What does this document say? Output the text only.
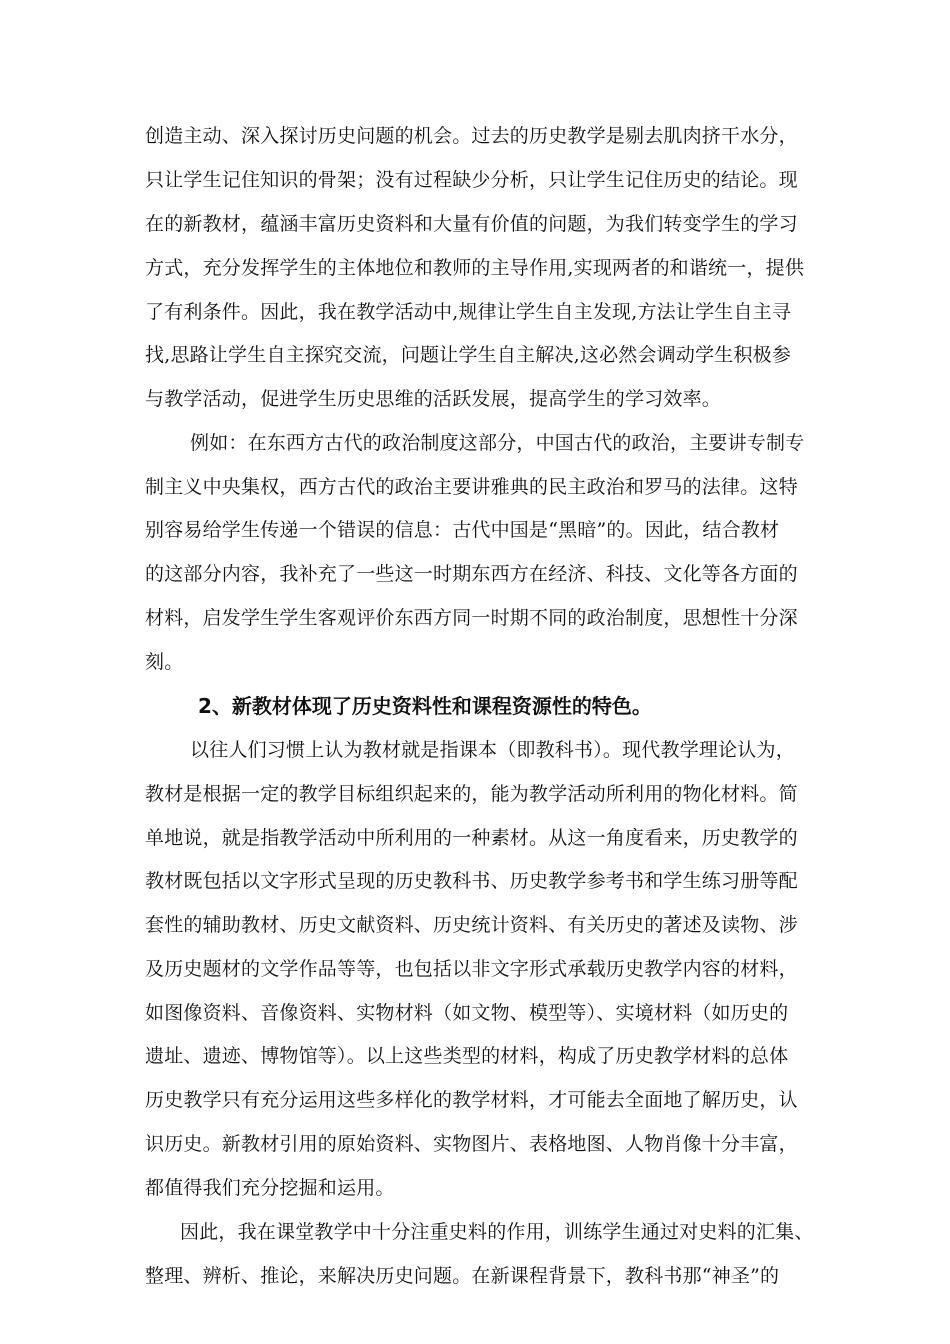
创造主动、深入探讨历史问题的机会。过去的历史教学是剔去肌肉挤干水分，
只让学生记住知识的骨架；没有过程缺少分析，只让学生记住历史的结论。现
在的新教材，蕴涵丰富历史资料和大量有价值的问题，为我们转变学生的学习
方式，充分发挥学生的主体地位和教师的主导作用,实现两者的和谐统一，提供
了有利条件。因此，我在教学活动中,规律让学生自主发现,方法让学生自主寻
找,思路让学生自主探究交流，问题让学生自主解决,这必然会调动学生积极参
与教学活动，促进学生历史思维的活跃发展，提高学生的学习效率。
例如：在东西方古代的政治制度这部分，中国古代的政治，主要讲专制专
制主义中央集权，西方古代的政治主要讲雅典的民主政治和罗马的法律。这特
别容易给学生传递一个错误的信息：古代中国是“黑暗”的。因此，结合教材
的这部分内容，我补充了一些这一时期东西方在经济、科技、文化等各方面的
材料，启发学生学生客观评价东西方同一时期不同的政治制度，思想性十分深
刻。
2、新教材体现了历史资料性和课程资源性的特色。
以往人们习惯上认为教材就是指课本（即教科书）。现代教学理论认为，
教材是根据一定的教学目标组织起来的，能为教学活动所利用的物化材料。简
单地说，就是指教学活动中所利用的一种素材。从这一角度看来，历史教学的
教材既包括以文字形式呈现的历史教科书、历史教学参考书和学生练习册等配
套性的辅助教材、历史文献资料、历史统计资料、有关历史的著述及读物、涉
及历史题材的文学作品等等，也包括以非文字形式承载历史教学内容的材料，
如图像资料、音像资料、实物材料（如文物、模型等）、实境材料（如历史的
遗址、遗迹、博物馆等）。以上这些类型的材料，构成了历史教学材料的总体
历史教学只有充分运用这些多样化的教学材料，才可能去全面地了解历史，认
识历史。新教材引用的原始资料、实物图片、表格地图、人物肖像十分丰富，
都值得我们充分挖掘和运用。
因此，我在课堂教学中十分注重史料的作用，训练学生通过对史料的汇集、
整理、辨析、推论，来解决历史问题。在新课程背景下，教科书那“神圣”的
